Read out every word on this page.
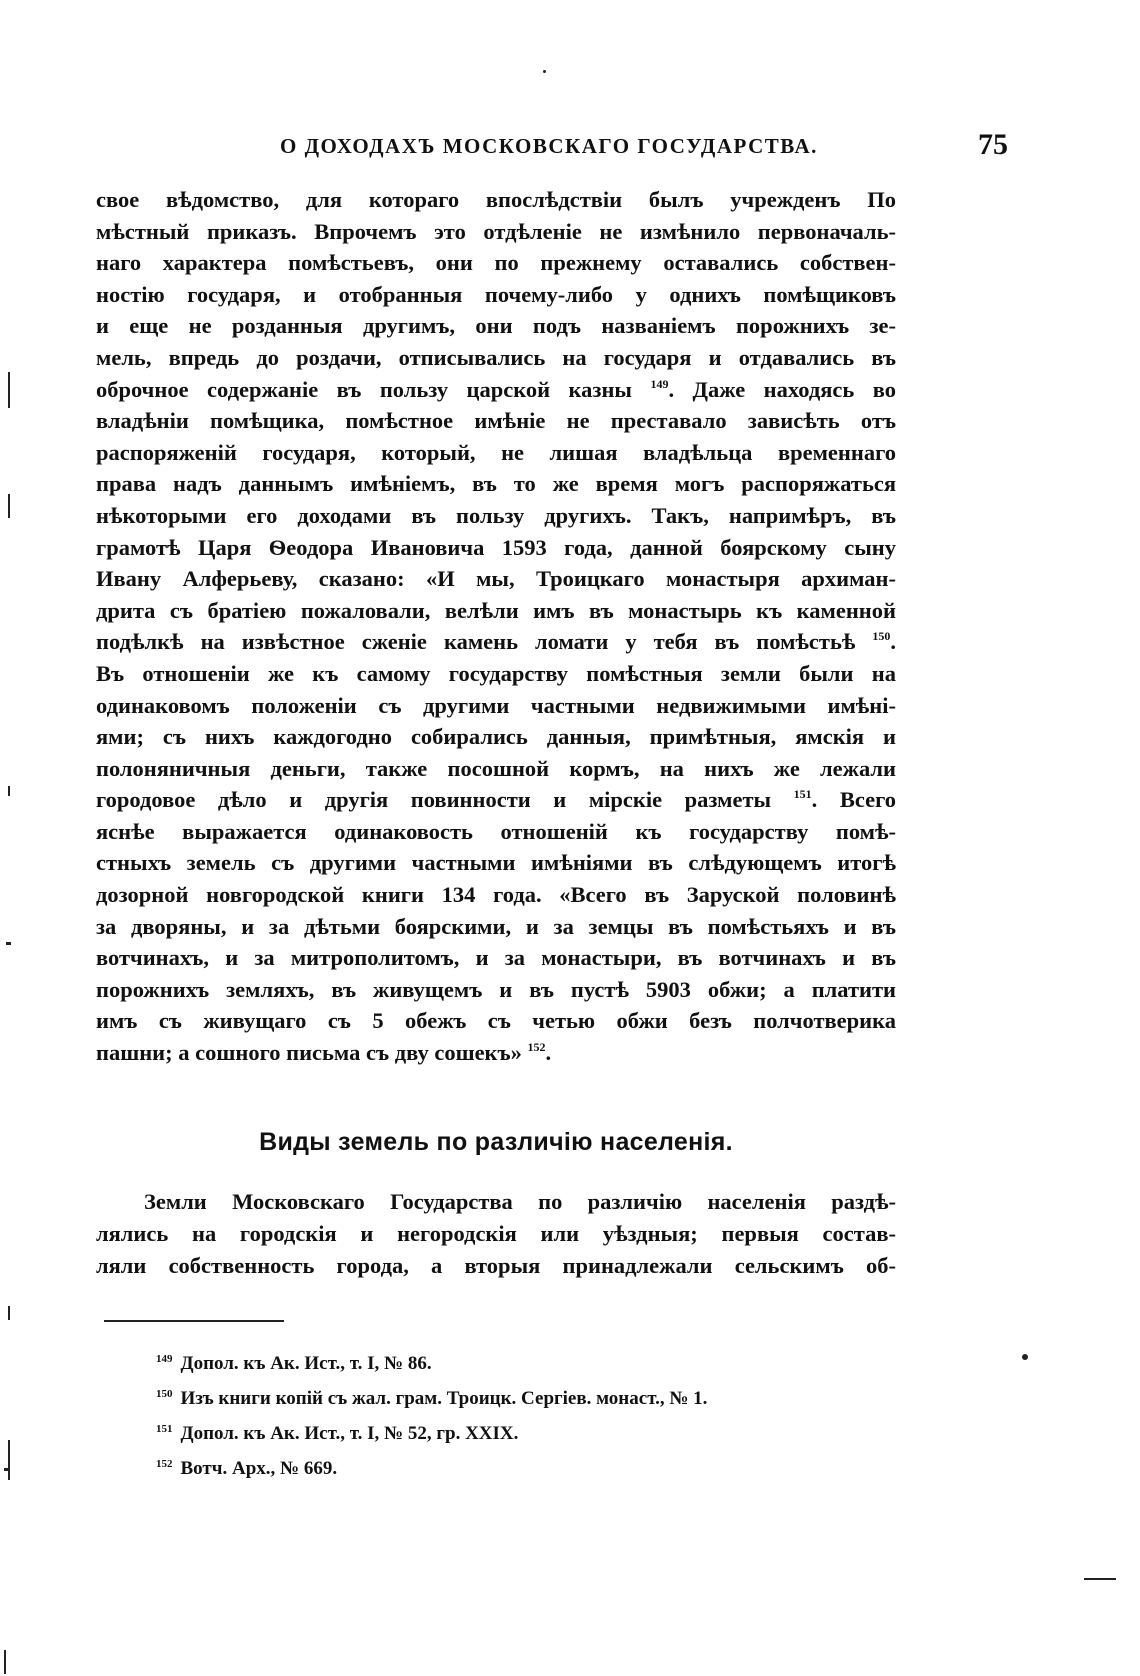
О ДОХОДАХЪ МОСКОВСКАГО ГОСУДАРСТВА.	75
свое вѣдомство, для котораго впослѣдствіи былъ учрежденъ По
мѣстный приказъ. Впрочемъ это отдѣленіе не измѣнило первоначаль-
наго характера помѣстьевъ, они по прежнему оставались собствен-
ностію государя, и отобранныя почему-либо у однихъ помѣщиковъ
и еще не розданныя другимъ, они подъ названіемъ порожнихъ зе-
мель, впредь до роздачи, отписывались на государя и отдавались въ
оброчное содержаніе въ пользу царской казны $^{149}$. Даже находясь во
владѣніи помѣщика, помѣстное имѣніе не преставало зависѣть отъ
распоряженій государя, который, не лишая владѣльца временнаго
права надъ даннымъ имѣніемъ, въ то же время могъ распоряжаться
нѣкоторыми его доходами въ пользу другихъ. Такъ, напримѣръ, въ
грамотѣ Царя Ѳеодора Ивановича 1593 года, данной боярскому сыну
Ивану Алферьеву, сказано: «И мы, Троицкаго монастыря архиман-
дрита съ братіею пожаловали, велѣли имъ въ монастырь къ каменной
подѣлкѣ на извѣстное сженіе камень ломати у тебя въ помѣстьѣ $^{150}$.
Въ отношеніи же къ самому государству помѣстныя земли были на
одинаковомъ положеніи съ другими частными недвижимыми имѣні-
ями; съ нихъ каждогодно собирались данныя, примѣтныя, ямскія и
полоняничныя деньги, также посошной кормъ, на нихъ же лежали
городовое дѣло и другія повинности и мірскіе разметы $^{151}$. Всего
яснѣе выражается одинаковость отношеній къ государству помѣ-
стныхъ земель съ другими частными имѣніями въ слѣдующемъ итогѣ
дозорной новгородской книги 134 года. «Всего въ Заруской половинѣ
за дворяны, и за дѣтьми боярскими, и за земцы въ помѣстьяхъ и въ
вотчинахъ, и за митрополитомъ, и за монастыри, въ вотчинахъ и въ
порожнихъ земляхъ, въ живущемъ и въ пустѣ 5903 обжи; а платити
имъ съ живущаго съ 5 обежъ съ четью обжи безъ полчотверика
пашни; а сошного письма съ дву сошекъ» $^{152}$.
Виды земель по различію населенія.
Земли Московскаго Государства по различію населенія раздѣ-
лялись на городскія и негородскія или уѣздныя; первыя состав-
ляли собственность города, а вторыя принадлежали сельскимъ об-
$^{149}$ Допол. къ Ак. Ист., т. I, № 86.
$^{150}$ Изъ книги копій съ жал. грам. Троицк. Сергіев. монаст., № 1.
$^{151}$ Допол. къ Ак. Ист., т. I, № 52, гр. XXIX.
$^{152}$ Вотч. Арх., № 669.
